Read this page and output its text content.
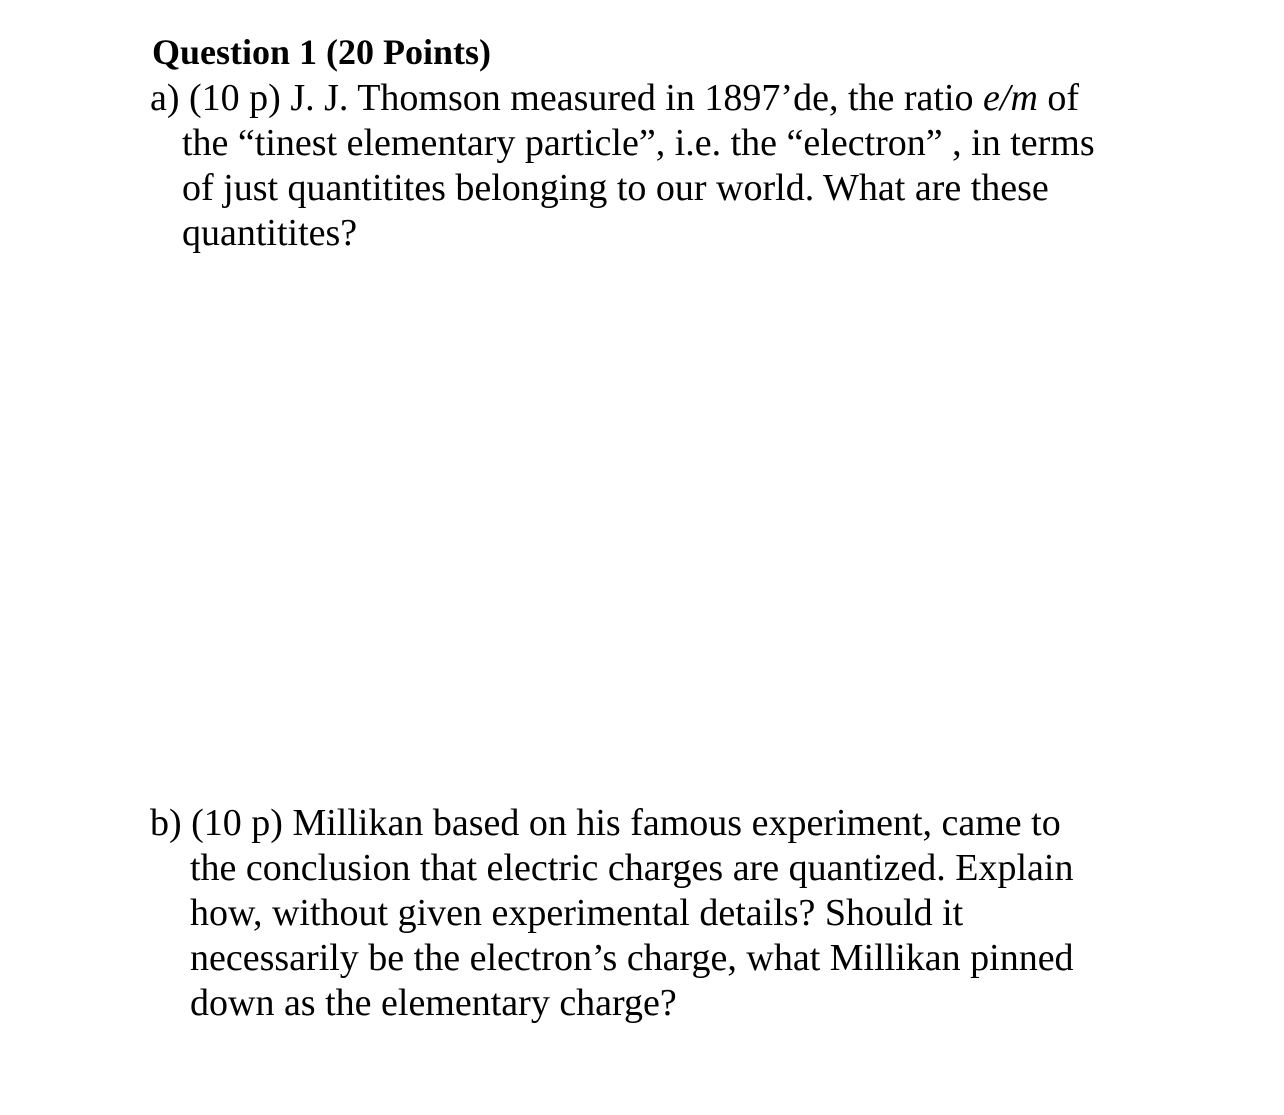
Question 1 (20 Points)
a) (10 p) J. J. Thomson measured in 1897’de, the ratio e/m of
the “tinest elementary particle”, i.e. the “electron” , in terms
of just quantitites belonging to our world. What are these
quantitites?
b) (10 p) Millikan based on his famous experiment, came to
the conclusion that electric charges are quantized. Explain
how, without given experimental details? Should it
necessarily be the electron’s charge, what Millikan pinned
down as the elementary charge?
